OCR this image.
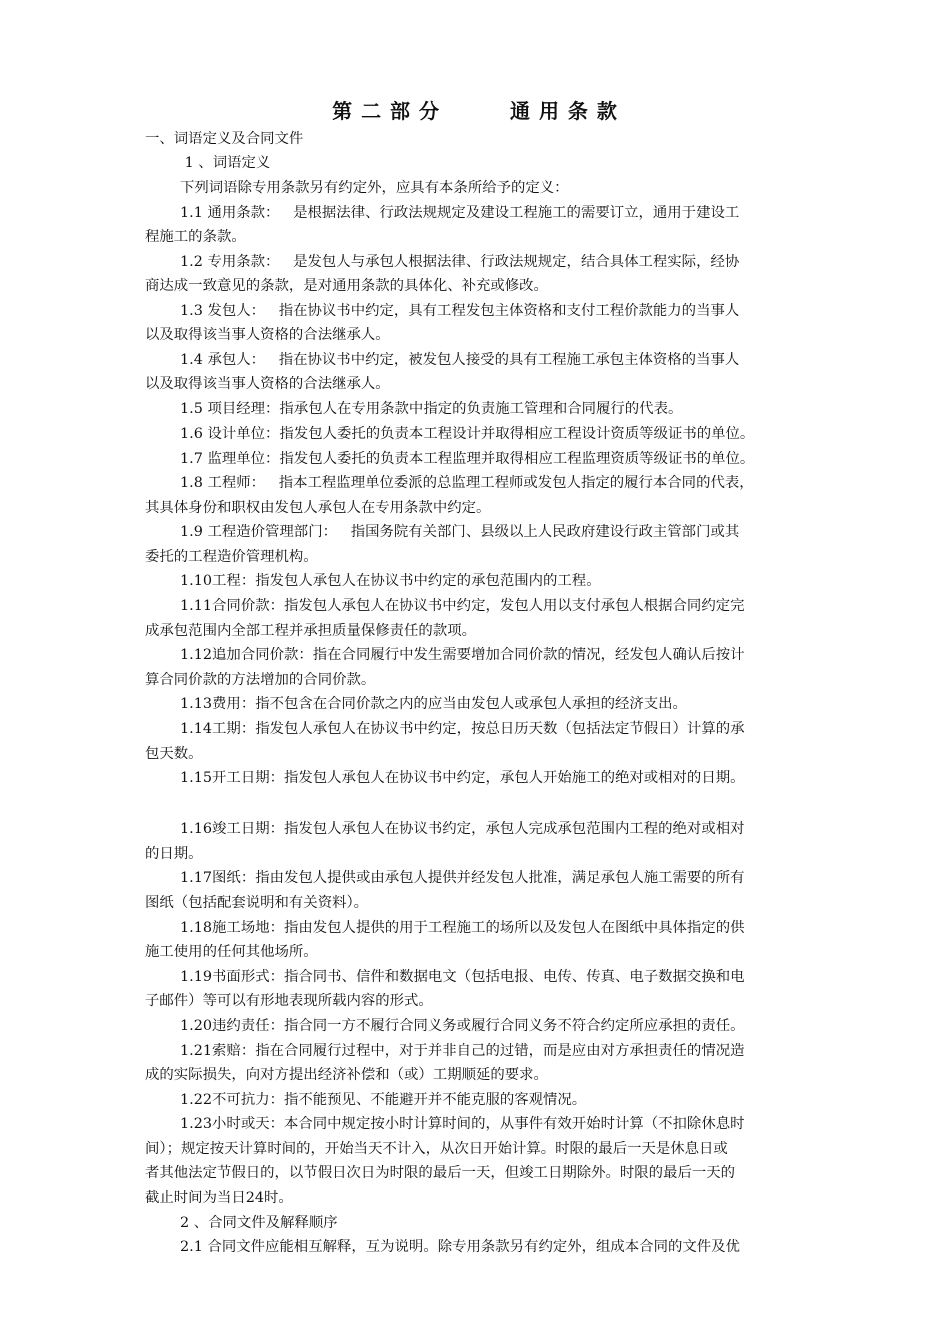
第 二 部 分	通 用 条 款
一、词语定义及合同文件
1 、词语定义
下列词语除专用条款另有约定外，应具有本条所给予的定义：
1.1 通用条款：   是根据法律、行政法规规定及建设工程施工的需要订立，通用于建设工
程施工的条款。
1.2 专用条款：   是发包人与承包人根据法律、行政法规规定，结合具体工程实际，经协
商达成一致意见的条款，是对通用条款的具体化、补充或修改。
1.3 发包人：   指在协议书中约定，具有工程发包主体资格和支付工程价款能力的当事人
以及取得该当事人资格的合法继承人。
1.4 承包人：   指在协议书中约定，被发包人接受的具有工程施工承包主体资格的当事人
以及取得该当事人资格的合法继承人。
1.5 项目经理：指承包人在专用条款中指定的负责施工管理和合同履行的代表。
1.6 设计单位：指发包人委托的负责本工程设计并取得相应工程设计资质等级证书的单位。
1.7 监理单位：指发包人委托的负责本工程监理并取得相应工程监理资质等级证书的单位。
1.8 工程师：   指本工程监理单位委派的总监理工程师或发包人指定的履行本合同的代表，
其具体身份和职权由发包人承包人在专用条款中约定。
1.9 工程造价管理部门：   指国务院有关部门、县级以上人民政府建设行政主管部门或其
委托的工程造价管理机构。
1.10工程：指发包人承包人在协议书中约定的承包范围内的工程。
1.11合同价款：指发包人承包人在协议书中约定，发包人用以支付承包人根据合同约定完
成承包范围内全部工程并承担质量保修责任的款项。
1.12追加合同价款：指在合同履行中发生需要增加合同价款的情况，经发包人确认后按计
算合同价款的方法增加的合同价款。
1.13费用：指不包含在合同价款之内的应当由发包人或承包人承担的经济支出。
1.14工期：指发包人承包人在协议书中约定，按总日历天数（包括法定节假日）计算的承
包天数。
1.15开工日期：指发包人承包人在协议书中约定，承包人开始施工的绝对或相对的日期。
1.16竣工日期：指发包人承包人在协议书约定，承包人完成承包范围内工程的绝对或相对
的日期。
1.17图纸：指由发包人提供或由承包人提供并经发包人批准，满足承包人施工需要的所有
图纸（包括配套说明和有关资料）。
1.18施工场地：指由发包人提供的用于工程施工的场所以及发包人在图纸中具体指定的供
施工使用的任何其他场所。
1.19书面形式：指合同书、信件和数据电文（包括电报、电传、传真、电子数据交换和电
子邮件）等可以有形地表现所载内容的形式。
1.20违约责任：指合同一方不履行合同义务或履行合同义务不符合约定所应承担的责任。
1.21索赔：指在合同履行过程中，对于并非自己的过错，而是应由对方承担责任的情况造
成的实际损失，向对方提出经济补偿和（或）工期顺延的要求。
1.22不可抗力：指不能预见、不能避开并不能克服的客观情况。
1.23小时或天：本合同中规定按小时计算时间的，从事件有效开始时计算（不扣除休息时
间）；规定按天计算时间的，开始当天不计入，从次日开始计算。时限的最后一天是休息日或
者其他法定节假日的，以节假日次日为时限的最后一天，但竣工日期除外。时限的最后一天的
截止时间为当日24时。
2 、合同文件及解释顺序
2.1 合同文件应能相互解释，互为说明。除专用条款另有约定外，组成本合同的文件及优
